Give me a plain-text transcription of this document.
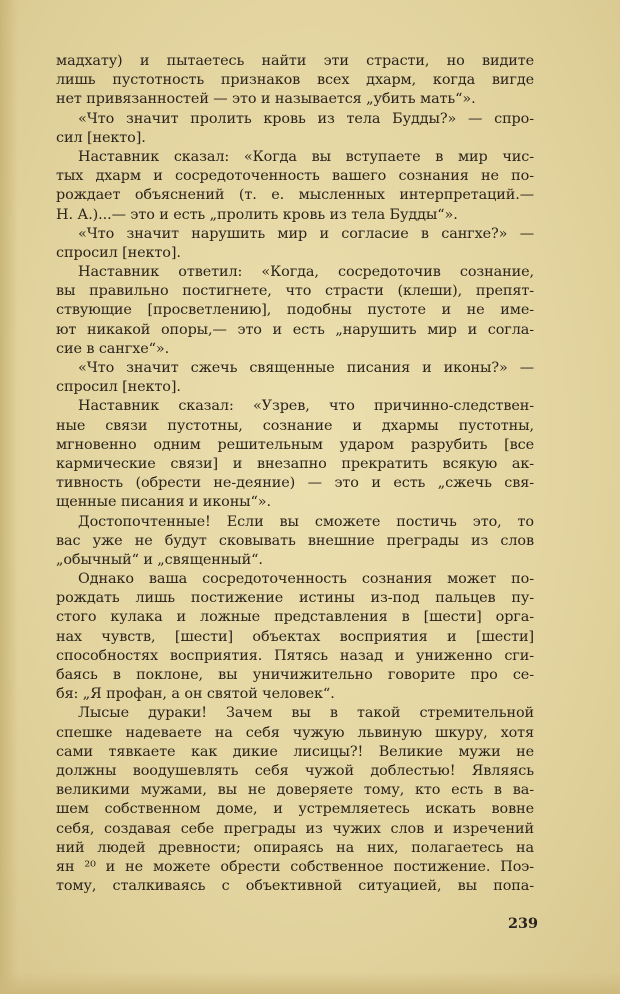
мадхату) и пытаетесь найти эти страсти, но видите
лишь пустотность признаков всех дхарм, когда вигде
нет привязанностей — это и называется „убить мать“».
«Что значит пролить кровь из тела Будды?» — спро-
сил [некто].
Наставник сказал: «Когда вы вступаете в мир чис-
тых дхарм и сосредоточенность вашего сознания не по-
рождает объяснений (т. е. мысленных интерпретаций.—
Н. А.)...— это и есть „пролить кровь из тела Будды“».
«Что значит нарушить мир и согласие в сангхе?» —
спросил [некто].
Наставник ответил: «Когда, сосредоточив сознание,
вы правильно постигнете, что страсти (клеши), препят-
ствующие [просветлению], подобны пустоте и не име-
ют никакой опоры,— это и есть „нарушить мир и согла-
сие в сангхе“».
«Что значит сжечь священные писания и иконы?» —
спросил [некто].
Наставник сказал: «Узрев, что причинно-следствен-
ные связи пустотны, сознание и дхармы пустотны,
мгновенно одним решительным ударом разрубить [все
кармические связи] и внезапно прекратить всякую ак-
тивность (обрести не-деяние) — это и есть „сжечь свя-
щенные писания и иконы“».
Достопочтенные! Если вы сможете постичь это, то
вас уже не будут сковывать внешние преграды из слов
„обычный“ и „священный“.
Однако ваша сосредоточенность сознания может по-
рождать лишь постижение истины из-под пальцев пу-
стого кулака и ложные представления в [шести] орга-
нах чувств, [шести] объектах восприятия и [шести]
способностях восприятия. Пятясь назад и униженно сги-
баясь в поклоне, вы уничижительно говорите про се-
бя: „Я профан, а он святой человек“.
Лысые дураки! Зачем вы в такой стремительной
спешке надеваете на себя чужую львиную шкуру, хотя
сами тявкаете как дикие лисицы?! Великие мужи не
должны воодушевлять себя чужой доблестью! Являясь
великими мужами, вы не доверяете тому, кто есть в ва-
шем собственном доме, и устремляетесь искать вовне
себя, создавая себе преграды из чужих слов и изречений
ний людей древности; опираясь на них, полагаетесь на
ян ²⁰ и не можете обрести собственное постижение. Поэ-
тому, сталкиваясь с объективной ситуацией, вы попа-
239
